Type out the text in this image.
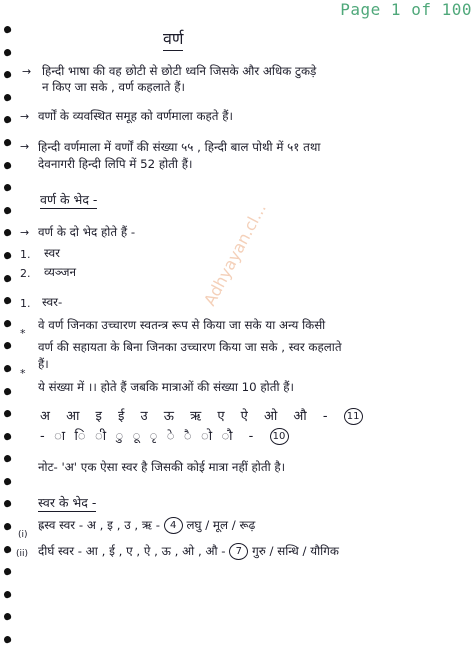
Page 1 of 100
Adhyayan.cl...
वर्ण
→ हिन्दी भाषा की वह छोटी से छोटी ध्वनि जिसके और अधिक टुकड़े
न किए जा सके , वर्ण कहलाते हैं।
→ वर्णों के व्यवस्थित समूह को वर्णमाला कहते हैं।
→ हिन्दी वर्णमाला में वर्णों की संख्या ५५ , हिन्दी बाल पोथी में ५१ तथा
देवनागरी हिन्दी लिपि में 52 होती हैं।
वर्ण के भेद -
→ वर्ण के दो भेद होते हैं -
1. स्वर
2. व्यञ्जन
1. स्वर-
*
वे वर्ण जिनका उच्चारण स्वतन्त्र रूप से किया जा सके या अन्य किसी
वर्ण की सहायता के बिना जिनका उच्चारण किया जा सके , स्वर कहलाते
हैं।
*
ये संख्या में ।। होते हैं जबकि मात्राओं की संख्या 10 होती हैं।
अ आ इ ई उ ऊ ऋ ए ऐ ओ औ - 11
- ा ि ी ु ू ृ े ै ो ौ - 10
नोट- 'अ' एक ऐसा स्वर है जिसकी कोई मात्रा नहीं होती है।
स्वर के भेद -
(i)
ह्रस्व स्वर - अ , इ , उ , ऋ - 4 लघु / मूल / रूढ़
(ii) दीर्घ स्वर - आ , ई , ए , ऐ , ऊ , ओ , औ - 7 गुरु / सन्धि / यौगिक
